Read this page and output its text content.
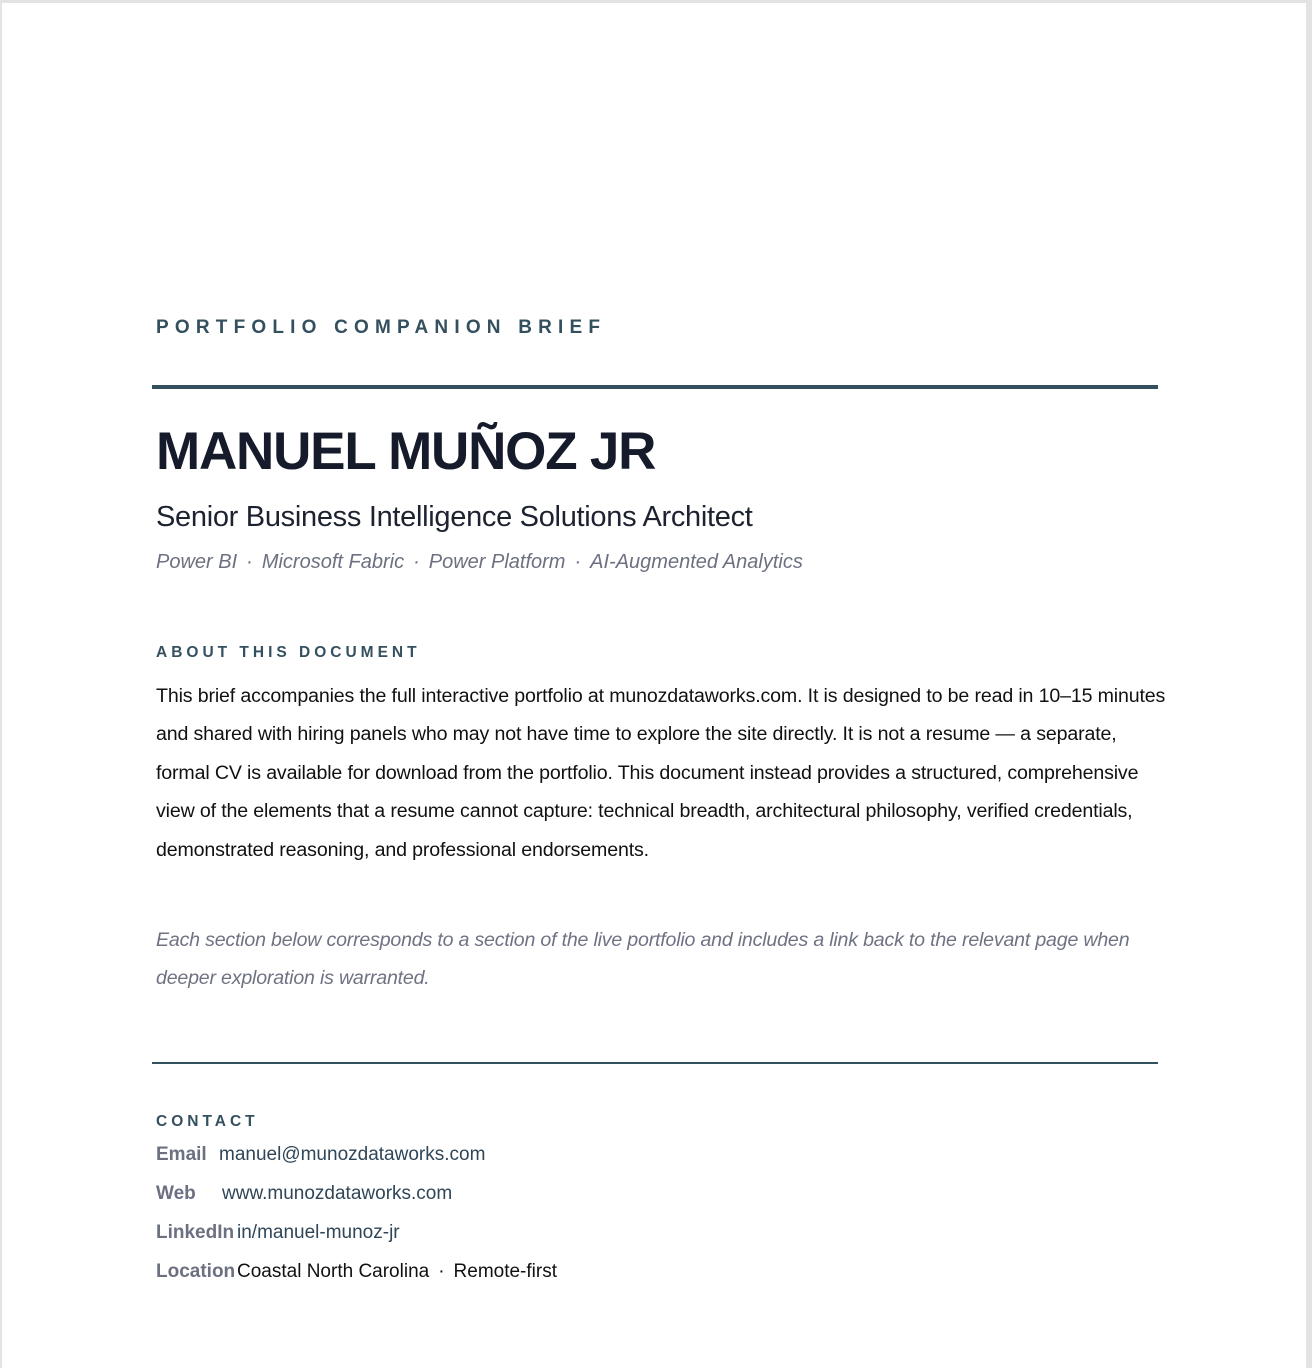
PORTFOLIO COMPANION BRIEF
MANUEL MUÑOZ JR
Senior Business Intelligence Solutions Architect
Power BI · Microsoft Fabric · Power Platform · AI-Augmented Analytics
ABOUT THIS DOCUMENT

This brief accompanies the full interactive portfolio at munozdataworks.com. It is designed to be read in 10–15 minutes and shared with hiring panels who may not have time to explore the site directly. It is not a resume — a separate, formal CV is available for download from the portfolio. This document instead provides a structured, comprehensive view of the elements that a resume cannot capture: technical breadth, architectural philosophy, verified credentials, demonstrated reasoning, and professional endorsements.

Each section below corresponds to a section of the live portfolio and includes a link back to the relevant page when deeper exploration is warranted.

CONTACT
Email manuel@munozdataworks.com
Web www.munozdataworks.com
LinkedIn in/manuel-munoz-jr
LocationCoastal North Carolina · Remote-first
